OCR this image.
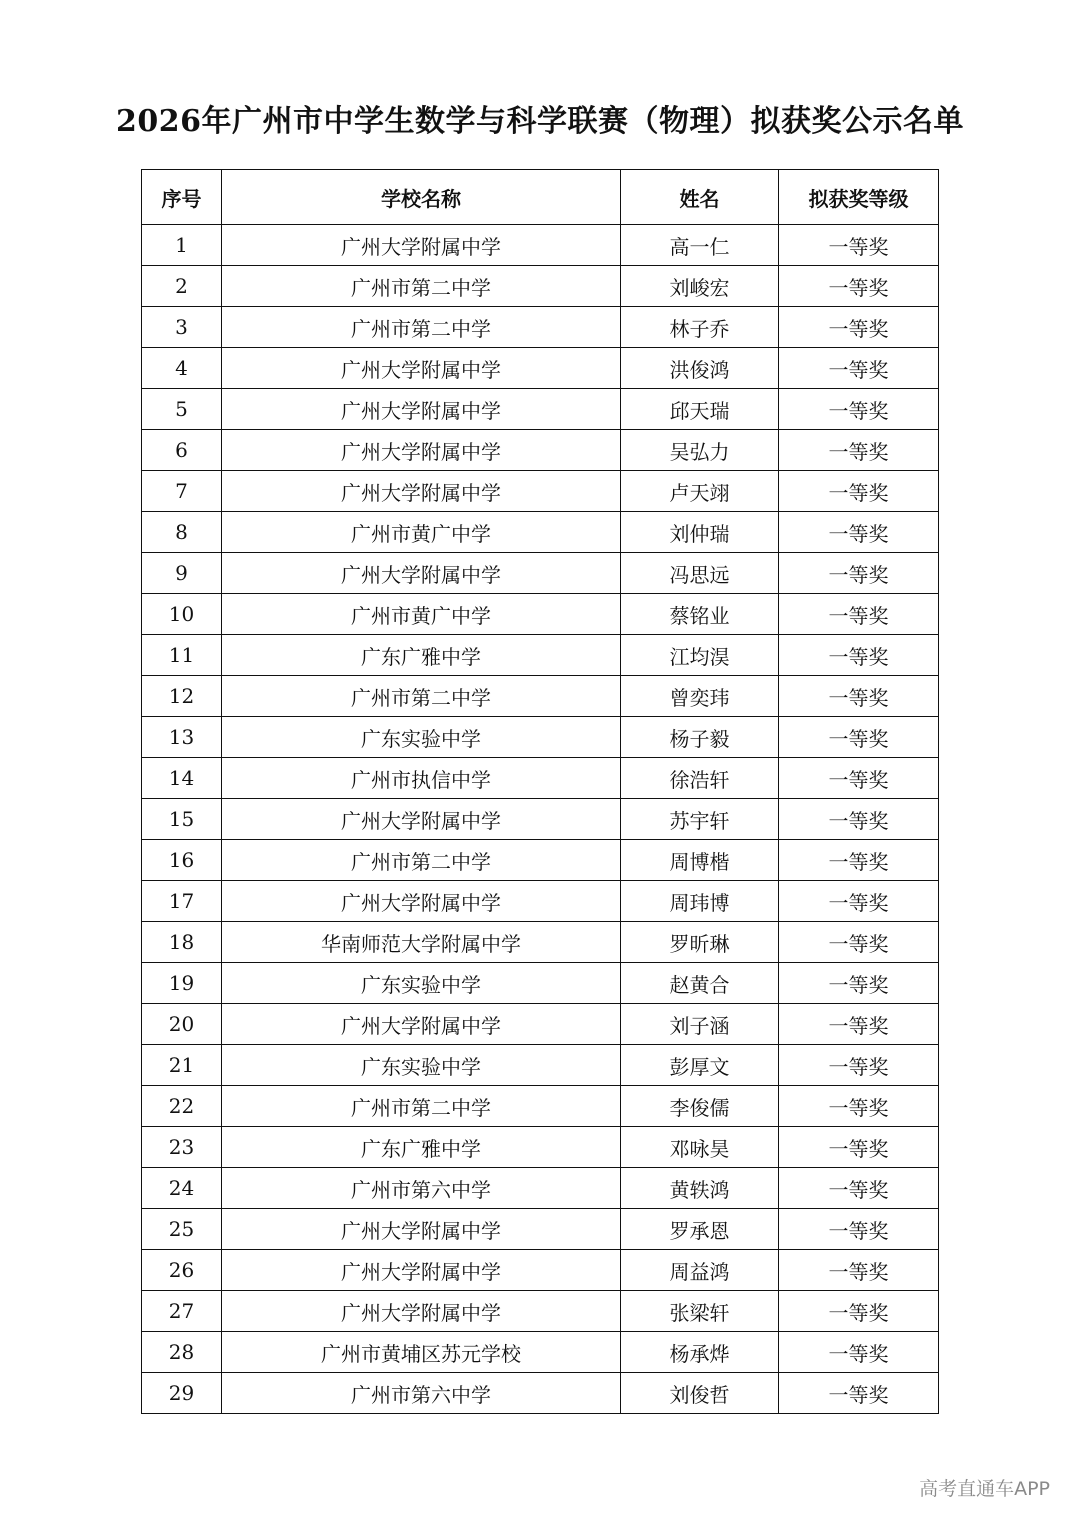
2026年广州市中学生数学与科学联赛（物理）拟获奖公示名单
序号	学校名称	姓名	拟获奖等级
1	广州大学附属中学	高一仁	一等奖
2	广州市第二中学	刘峻宏	一等奖
3	广州市第二中学	林子乔	一等奖
4	广州大学附属中学	洪俊鸿	一等奖
5	广州大学附属中学	邱天瑞	一等奖
6	广州大学附属中学	吴弘力	一等奖
7	广州大学附属中学	卢天翊	一等奖
8	广州市黄广中学	刘仲瑞	一等奖
9	广州大学附属中学	冯思远	一等奖
10	广州市黄广中学	蔡铭业	一等奖
11	广东广雅中学	江均淏	一等奖
12	广州市第二中学	曾奕玮	一等奖
13	广东实验中学	杨子毅	一等奖
14	广州市执信中学	徐浩轩	一等奖
15	广州大学附属中学	苏宇轩	一等奖
16	广州市第二中学	周博楷	一等奖
17	广州大学附属中学	周玮博	一等奖
18	华南师范大学附属中学	罗昕琳	一等奖
19	广东实验中学	赵黄合	一等奖
20	广州大学附属中学	刘子涵	一等奖
21	广东实验中学	彭厚文	一等奖
22	广州市第二中学	李俊儒	一等奖
23	广东广雅中学	邓咏昊	一等奖
24	广州市第六中学	黄轶鸿	一等奖
25	广州大学附属中学	罗承恩	一等奖
26	广州大学附属中学	周益鸿	一等奖
27	广州大学附属中学	张梁轩	一等奖
28	广州市黄埔区苏元学校	杨承烨	一等奖
29	广州市第六中学	刘俊哲	一等奖
高考直通车APP
